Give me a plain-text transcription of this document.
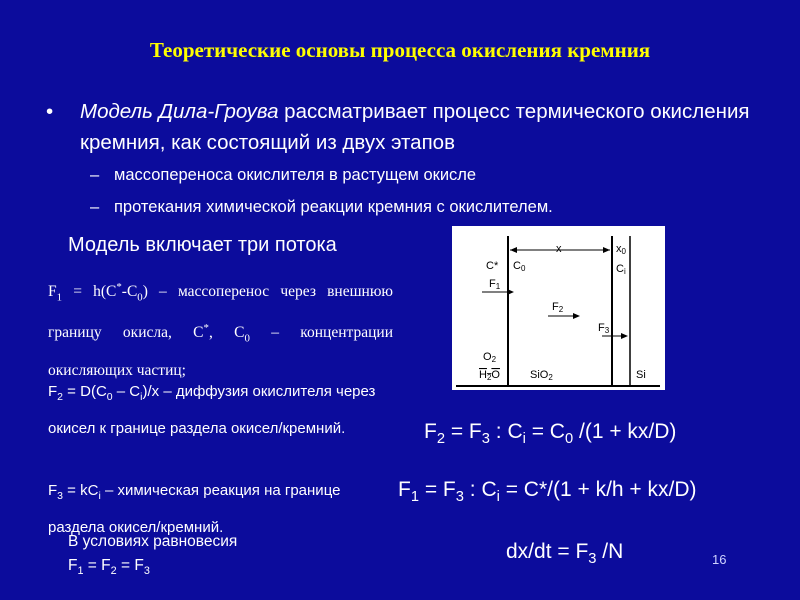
Теоретические основы процесса окисления кремния
• Модель Дила-Гроува рассматривает процесс термического окисления кремния, как состоящий из двух этапов
– массопереноса окислителя в растущем окисле
– протекания химической реакции кремния с окислителем.
Модель включает три потока
$F_1 = h(C^*-C_0)$ – массоперенос через внешнюю границу окисла, C*, $C_0$ – концентрации окисляющих частиц;
$F_2 = D(C_0 - C_i)/x$ – диффузия окислителя через окисел к границе раздела окисел/кремний.
$F_3 = kC_i$ – химическая реакция на границе раздела окисел/кремний.
В условиях равновесия
$F_1 = F_2 = F_3$
x	x0
C* C0	Ci
F1
F2
F3
O2
H2O	SiO2	Si
$F_2 = F_3$ : $C_i = C_0$ /(1 + kx/D)
$F_1 = F_3$ : $C_i = C*/(1 + k/h + kx/D)$
$dx/dt = F_3$ /N	16
